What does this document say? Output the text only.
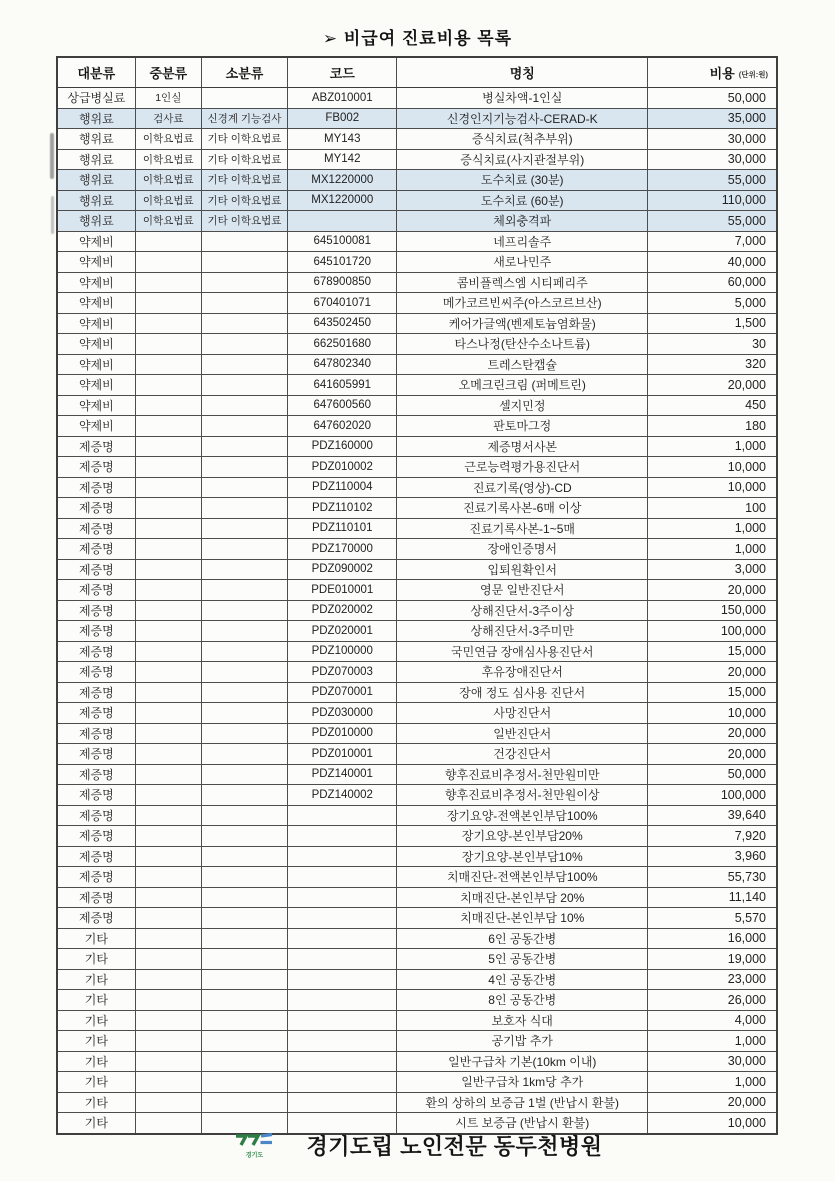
➢ 비급여 진료비용 목록
대분류	중분류	소분류	코드	명칭	비용 (단위:원)
상급병실료	1인실		ABZ010001	병실차액-1인실	50,000
행위료	검사료	신경계 기능검사	FB002	신경인지기능검사-CERAD-K	35,000
행위료	이학요법료	기타 이학요법료	MY143	증식치료(척추부위)	30,000
행위료	이학요법료	기타 이학요법료	MY142	증식치료(사지관절부위)	30,000
행위료	이학요법료	기타 이학요법료	MX1220000	도수치료 (30분)	55,000
행위료	이학요법료	기타 이학요법료	MX1220000	도수치료 (60분)	110,000
행위료	이학요법료	기타 이학요법료		체외충격파	55,000
약제비			645100081	네프리솔주	7,000
약제비			645101720	새로나민주	40,000
약제비			678900850	콤비플렉스엠 시티페리주	60,000
약제비			670401071	메가코르빈씨주(아스코르브산)	5,000
약제비			643502450	케어가글액(벤제토늄염화물)	1,500
약제비			662501680	타스나정(탄산수소나트륨)	30
약제비			647802340	트레스탄캡슐	320
약제비			641605991	오메크린크림 (퍼메트린)	20,000
약제비			647600560	셀지민정	450
약제비			647602020	판토마그정	180
제증명			PDZ160000	제증명서사본	1,000
제증명			PDZ010002	근로능력평가용진단서	10,000
제증명			PDZ110004	진료기록(영상)-CD	10,000
제증명			PDZ110102	진료기록사본-6매 이상	100
제증명			PDZ110101	진료기록사본-1~5매	1,000
제증명			PDZ170000	장애인증명서	1,000
제증명			PDZ090002	입퇴원확인서	3,000
제증명			PDE010001	영문 일반진단서	20,000
제증명			PDZ020002	상해진단서-3주이상	150,000
제증명			PDZ020001	상해진단서-3주미만	100,000
제증명			PDZ100000	국민연금 장애심사용진단서	15,000
제증명			PDZ070003	후유장애진단서	20,000
제증명			PDZ070001	장애 정도 심사용 진단서	15,000
제증명			PDZ030000	사망진단서	10,000
제증명			PDZ010000	일반진단서	20,000
제증명			PDZ010001	건강진단서	20,000
제증명			PDZ140001	향후진료비추정서-천만원미만	50,000
제증명			PDZ140002	향후진료비추정서-천만원이상	100,000
제증명				장기요양-전액본인부담100%	39,640
제증명				장기요양-본인부담20%	7,920
제증명				장기요양-본인부담10%	3,960
제증명				치매진단-전액본인부담100%	55,730
제증명				치매진단-본인부담 20%	11,140
제증명				치매진단-본인부담 10%	5,570
기타				6인 공동간병	16,000
기타				5인 공동간병	19,000
기타				4인 공동간병	23,000
기타				8인 공동간병	26,000
기타				보호자 식대	4,000
기타				공기밥 추가	1,000
기타				일반구급차 기본(10km 이내)	30,000
기타				일반구급차 1km당 추가	1,000
기타				환의 상하의 보증금 1벌 (반납시 환불)	20,000
기타				시트 보증금 (반납시 환불)	10,000
경기도 경기도립 노인전문 동두천병원
